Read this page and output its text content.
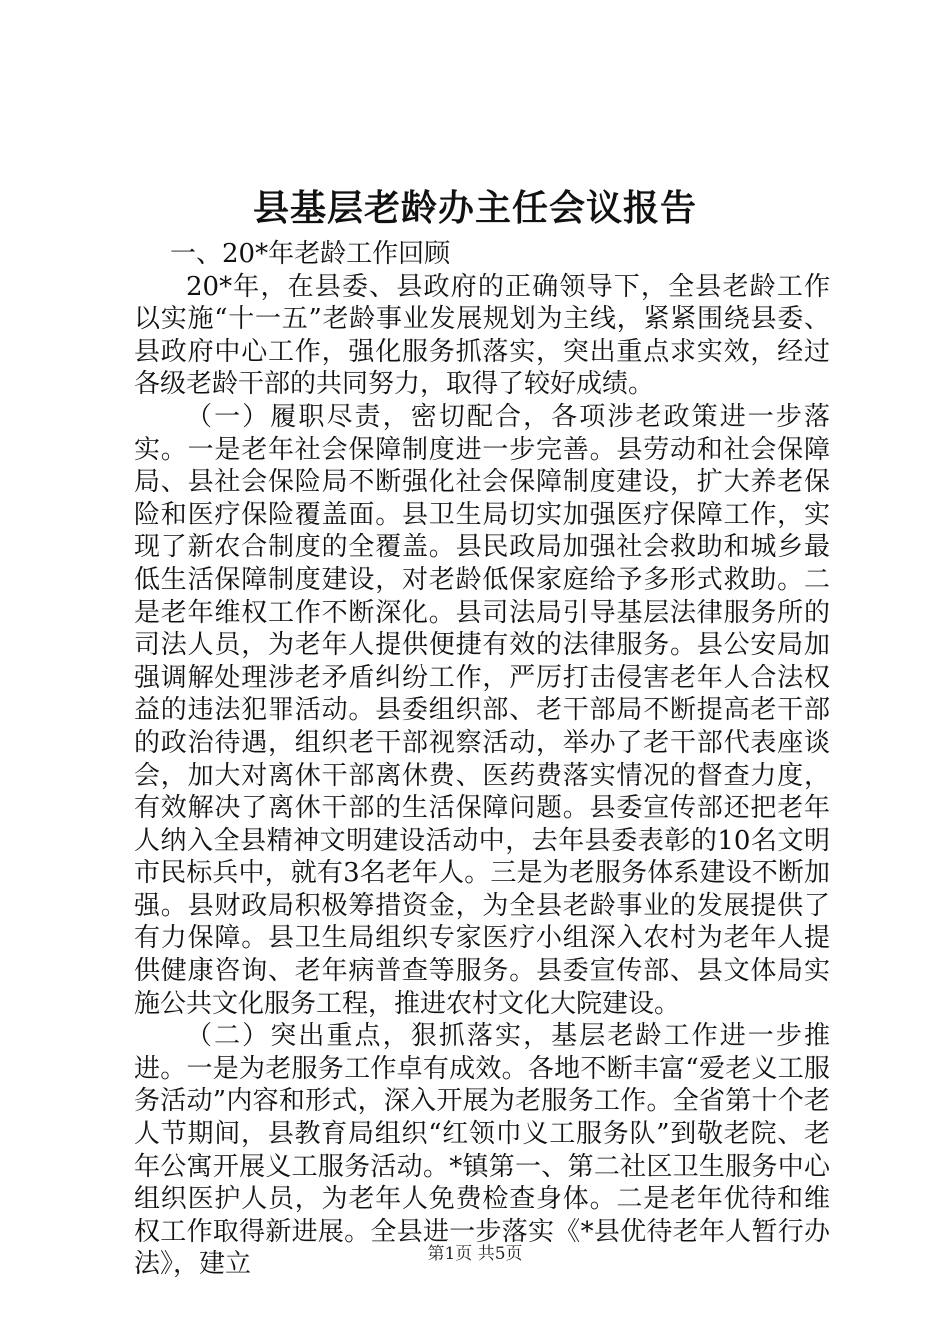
县基层老龄办主任会议报告

一、20*年老龄工作回顾

20*年，在县委、县政府的正确领导下，全县老龄工作以实施“十一五”老龄事业发展规划为主线，紧紧围绕县委、县政府中心工作，强化服务抓落实，突出重点求实效，经过各级老龄干部的共同努力，取得了较好成绩。

（一）履职尽责，密切配合，各项涉老政策进一步落实。一是老年社会保障制度进一步完善。县劳动和社会保障局、县社会保险局不断强化社会保障制度建设，扩大养老保险和医疗保险覆盖面。县卫生局切实加强医疗保障工作，实现了新农合制度的全覆盖。县民政局加强社会救助和城乡最低生活保障制度建设，对老龄低保家庭给予多形式救助。二是老年维权工作不断深化。县司法局引导基层法律服务所的司法人员，为老年人提供便捷有效的法律服务。县公安局加强调解处理涉老矛盾纠纷工作，严厉打击侵害老年人合法权益的违法犯罪活动。县委组织部、老干部局不断提高老干部的政治待遇，组织老干部视察活动，举办了老干部代表座谈会，加大对离休干部离休费、医药费落实情况的督查力度，有效解决了离休干部的生活保障问题。县委宣传部还把老年人纳入全县精神文明建设活动中，去年县委表彰的10名文明市民标兵中，就有3名老年人。三是为老服务体系建设不断加强。县财政局积极筹措资金，为全县老龄事业的发展提供了有力保障。县卫生局组织专家医疗小组深入农村为老年人提供健康咨询、老年病普查等服务。县委宣传部、县文体局实施公共文化服务工程，推进农村文化大院建设。

（二）突出重点，狠抓落实，基层老龄工作进一步推进。一是为老服务工作卓有成效。各地不断丰富“爱老义工服务活动”内容和形式，深入开展为老服务工作。全省第十个老人节期间，县教育局组织“红领巾义工服务队”到敬老院、老年公寓开展义工服务活动。*镇第一、第二社区卫生服务中心组织医护人员，为老年人免费检查身体。二是老年优待和维权工作取得新进展。全县进一步落实《*县优待老年人暂行办法》，建立	第1页 共5页
